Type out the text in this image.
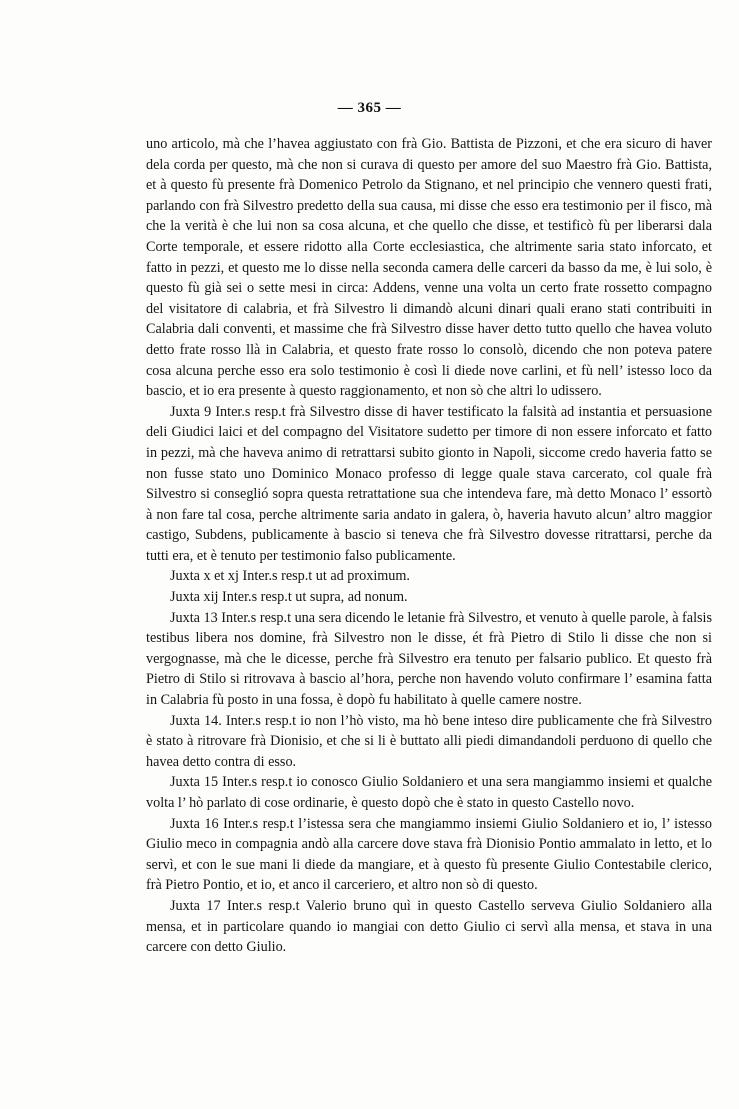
— 365 —

uno articolo, mà che l’havea aggiustato con frà Gio. Battista de Pizzoni, et che era sicuro di haver dela corda per questo, mà che non si curava di questo per amore del suo Maestro frà Gio. Battista, et à questo fù presente frà Domenico Petrolo da Stignano, et nel principio che vennero questi frati, parlando con frà Silvestro predetto della sua causa, mi disse che esso era testimonio per il fisco, mà che la verità è che lui non sa cosa alcuna, et che quello che disse, et testificò fù per liberarsi dala Corte temporale, et essere ridotto alla Corte ecclesiastica, che altrimente saria stato inforcato, et fatto in pezzi, et questo me lo disse nella seconda camera delle carceri da basso da me, è lui solo, è questo fù già sei o sette mesi in circa: Addens, venne una volta un certo frate rossetto compagno del visitatore di calabria, et frà Silvestro li dimandò alcuni dinari quali erano stati contribuiti in Calabria dali conventi, et massime che frà Silvestro disse haver detto tutto quello che havea voluto detto frate rosso llà in Calabria, et questo frate rosso lo consolò, dicendo che non poteva patere cosa alcuna perche esso era solo testimonio è così li diede nove carlini, et fù nell’ istesso loco da bascio, et io era presente à questo raggionamento, et non sò che altri lo udissero.

Juxta 9 Inter.s resp.t frà Silvestro disse di haver testificato la falsità ad instantia et persuasione deli Giudici laici et del compagno del Visitatore sudetto per timore di non essere inforcato et fatto in pezzi, mà che haveva animo di retrattarsi subito gionto in Napoli, siccome credo haveria fatto se non fusse stato uno Dominico Monaco professo di legge quale stava carcerato, col quale frà Silvestro si conseglió sopra questa retrattatione sua che intendeva fare, mà detto Monaco l’ essortò à non fare tal cosa, perche altrimente saria andato in galera, ò, haveria havuto alcun’ altro maggior castigo, Subdens, publicamente à bascio si teneva che frà Silvestro dovesse ritrattarsi, perche da tutti era, et è tenuto per testimonio falso publicamente.

Juxta x et xj Inter.s resp.t ut ad proximum.

Juxta xij Inter.s resp.t ut supra, ad nonum.

Juxta 13 Inter.s resp.t una sera dicendo le letanie frà Silvestro, et venuto à quelle parole, à falsis testibus libera nos domine, frà Silvestro non le disse, ét frà Pietro di Stilo li disse che non si vergognasse, mà che le dicesse, perche frà Silvestro era tenuto per falsario publico. Et questo frà Pietro di Stilo si ritrovava à bascio al’hora, perche non havendo voluto confirmare l’ esamina fatta in Calabria fù posto in una fossa, è dopò fu habilitato à quelle camere nostre.

Juxta 14. Inter.s resp.t io non l’hò visto, ma hò bene inteso dire publicamente che frà Silvestro è stato à ritrovare frà Dionisio, et che si li è buttato alli piedi dimandandoli perduono di quello che havea detto contra di esso.

Juxta 15 Inter.s resp.t io conosco Giulio Soldaniero et una sera mangiammo insiemi et qualche volta l’ hò parlato di cose ordinarie, è questo dopò che è stato in questo Castello novo.

Juxta 16 Inter.s resp.t l’istessa sera che mangiammo insiemi Giulio Soldaniero et io, l’ istesso Giulio meco in compagnia andò alla carcere dove stava frà Dionisio Pontio ammalato in letto, et lo servì, et con le sue mani li diede da mangiare, et à questo fù presente Giulio Contestabile clerico, frà Pietro Pontio, et io, et anco il carceriero, et altro non sò di questo.

Juxta 17 Inter.s resp.t Valerio bruno quì in questo Castello serveva Giulio Soldaniero alla mensa, et in particolare quando io mangiai con detto Giulio ci servì alla mensa, et stava in una carcere con detto Giulio.
